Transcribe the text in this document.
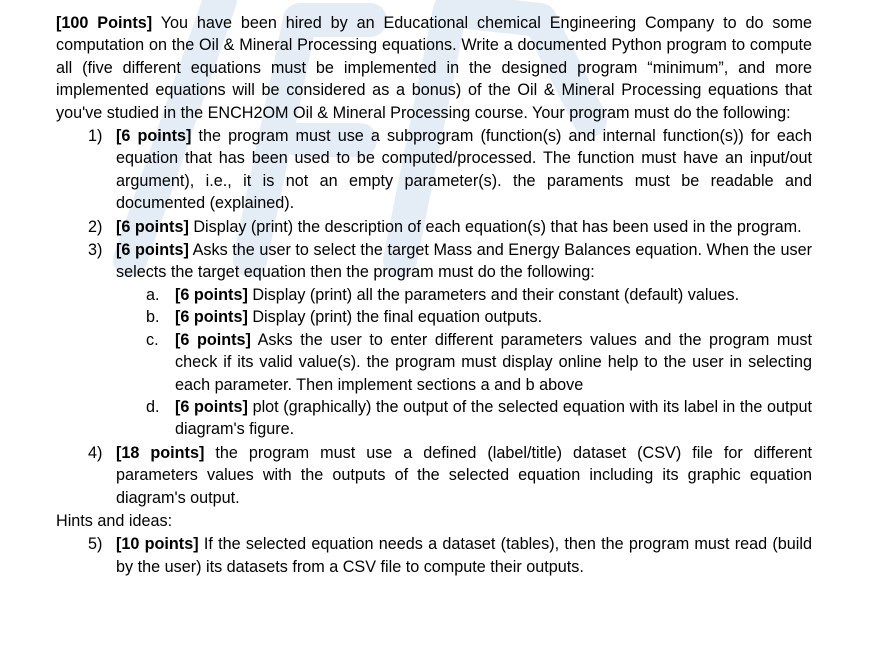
[100 Points] You have been hired by an Educational chemical Engineering Company to do some computation on the Oil & Mineral Processing equations. Write a documented Python program to compute all (five different equations must be implemented in the designed program “minimum”, and more implemented equations will be considered as a bonus) of the Oil & Mineral Processing equations that you've studied in the ENCH2OM Oil & Mineral Processing course. Your program must do the following:

1) [6 points] the program must use a subprogram (function(s) and internal function(s)) for each equation that has been used to be computed/processed. The function must have an input/out argument), i.e., it is not an empty parameter(s). the paraments must be readable and documented (explained).
2) [6 points] Display (print) the description of each equation(s) that has been used in the program.
3) [6 points] Asks the user to select the target Mass and Energy Balances equation. When the user selects the target equation then the program must do the following:
a. [6 points] Display (print) all the parameters and their constant (default) values.
b. [6 points] Display (print) the final equation outputs.
c. [6 points] Asks the user to enter different parameters values and the program must check if its valid value(s). the program must display online help to the user in selecting each parameter. Then implement sections a and b above
d. [6 points] plot (graphically) the output of the selected equation with its label in the output diagram's figure.
4) [18 points] the program must use a defined (label/title) dataset (CSV) file for different parameters values with the outputs of the selected equation including its graphic equation diagram's output.

Hints and ideas:

5) [10 points] If the selected equation needs a dataset (tables), then the program must read (build by the user) its datasets from a CSV file to compute their outputs.
